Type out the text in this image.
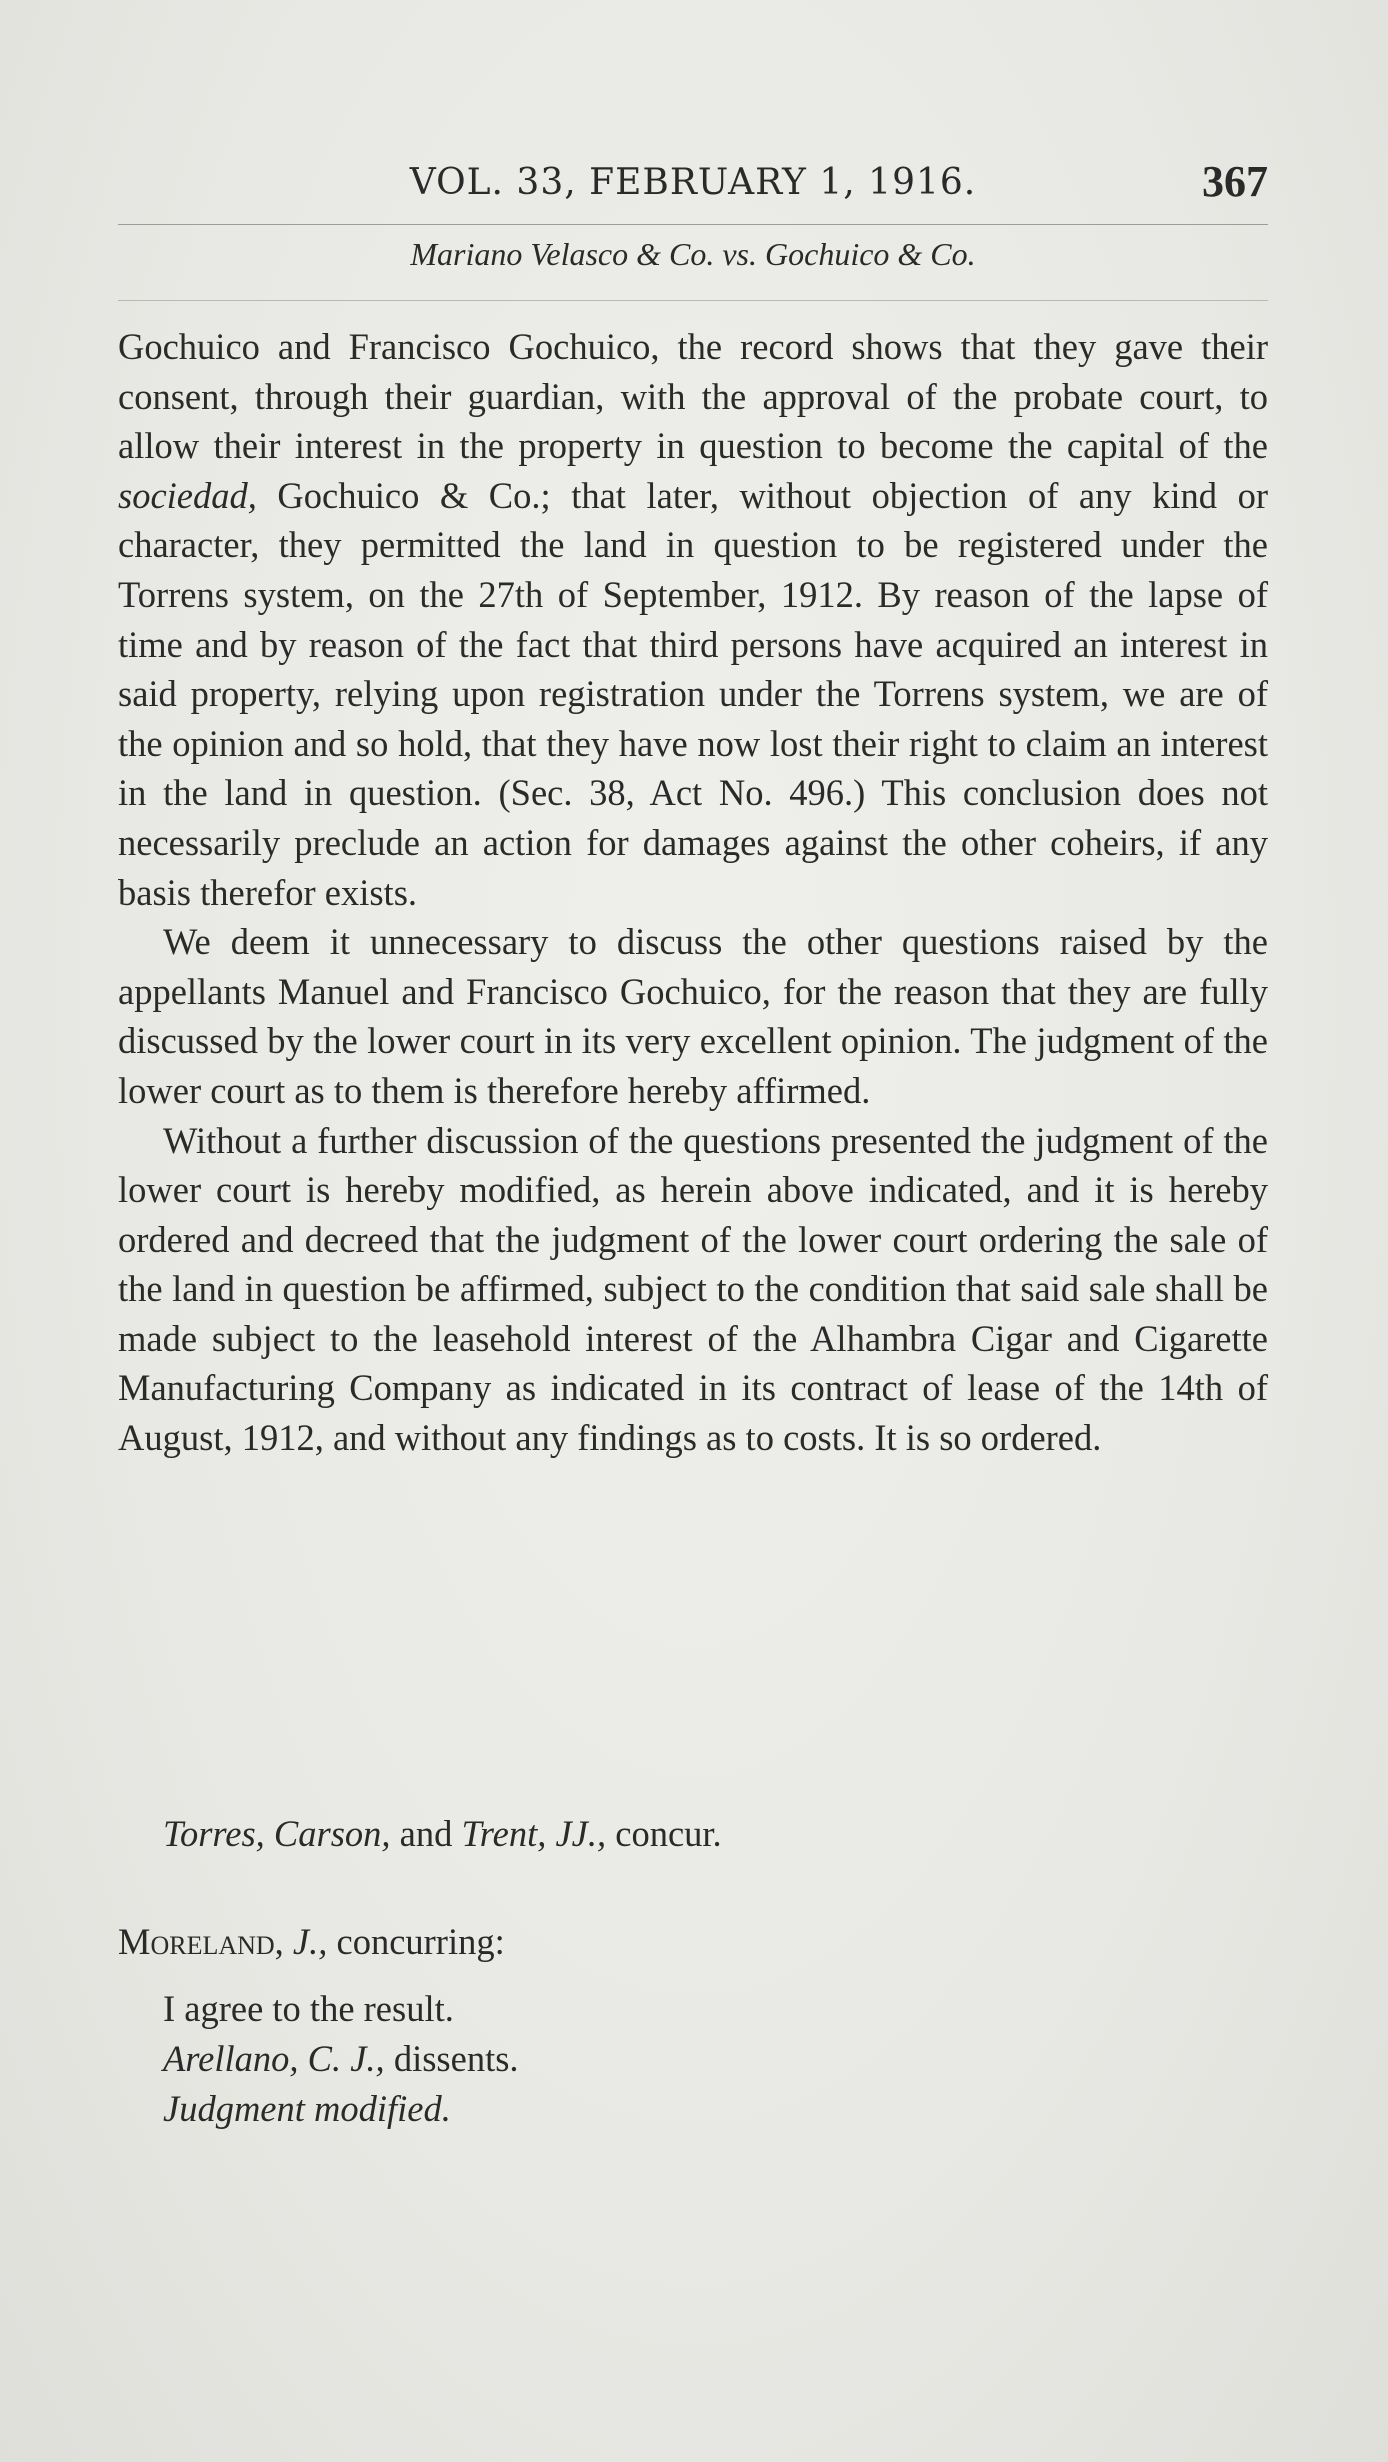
VOL. 33, FEBRUARY 1, 1916.	367
Mariano Velasco & Co. vs. Gochuico & Co.

Gochuico and Francisco Gochuico, the record shows that they gave their consent, through their guardian, with the approval of the probate court, to allow their interest in the property in question to become the capital of the sociedad, Gochuico & Co.; that later, without objection of any kind or character, they permitted the land in question to be registered under the Torrens system, on the 27th of September, 1912. By reason of the lapse of time and by reason of the fact that third persons have acquired an interest in said property, relying upon registration under the Torrens system, we are of the opinion and so hold, that they have now lost their right to claim an interest in the land in question. (Sec. 38, Act No. 496.) This conclusion does not necessarily preclude an action for damages against the other coheirs, if any basis therefor exists.

We deem it unnecessary to discuss the other questions raised by the appellants Manuel and Francisco Gochuico, for the reason that they are fully discussed by the lower court in its very excellent opinion. The judgment of the lower court as to them is therefore hereby affirmed.

Without a further discussion of the questions presented the judgment of the lower court is hereby modified, as herein above indicated, and it is hereby ordered and decreed that the judgment of the lower court ordering the sale of the land in question be affirmed, subject to the condition that said sale shall be made subject to the leasehold interest of the Alhambra Cigar and Cigarette Manufacturing Company as indicated in its contract of lease of the 14th of August, 1912, and without any findings as to costs. It is so ordered.

Torres, Carson, and Trent, JJ., concur.
Moreland, J., concurring:
I agree to the result.
Arellano, C. J., dissents.
Judgment modified.
